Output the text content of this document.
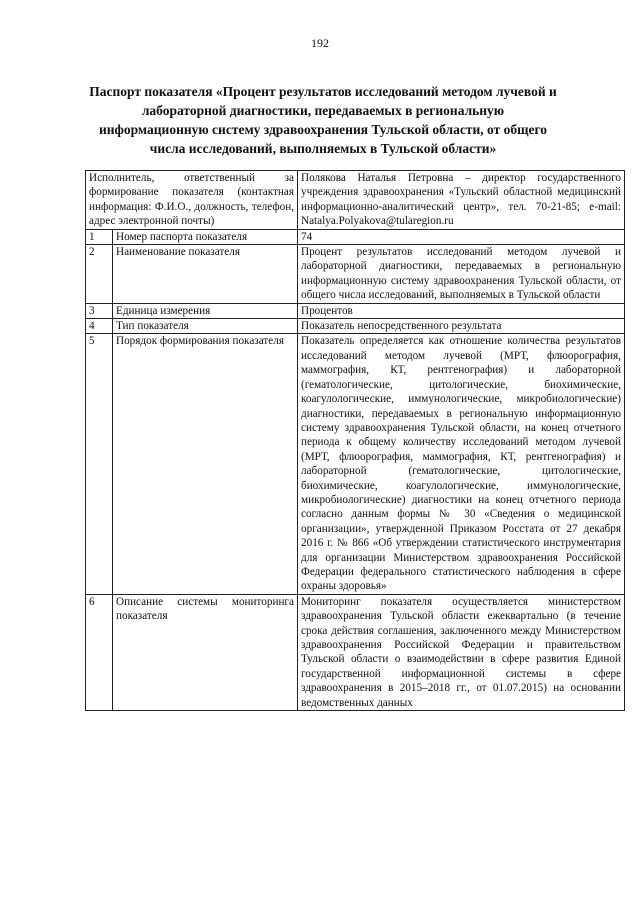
192
Паспорт показателя «Процент результатов исследований методом лучевой и лабораторной диагностики, передаваемых в региональную информационную систему здравоохранения Тульской области, от общего числа исследований, выполняемых в Тульской области»
Исполнитель, ответственный за формирование показателя (контактная информация: Ф.И.О., должность, телефон, адрес электронной почты)		Полякова Наталья Петровна – директор государственного учреждения здравоохранения «Тульский областной медицинский информационно-аналитический центр», тел. 70-21-85; e-mail: Natalya.Polyakova@tularegion.ru
1	Номер паспорта показателя	74
2	Наименование показателя	Процент результатов исследований методом лучевой и лабораторной диагностики, передаваемых в региональную информационную систему здравоохранения Тульской области, от общего числа исследований, выполняемых в Тульской области
3	Единица измерения	Процентов
4	Тип показателя	Показатель непосредственного результата
5	Порядок формирования показателя	Показатель определяется как отношение количества результатов исследований методом лучевой (МРТ, флюорография, маммография, КТ, рентгенография) и лабораторной (гематологические, цитологические, биохимические, коагулологические, иммунологические, микробиологические) диагностики, передаваемых в региональную информационную систему здравоохранения Тульской области, на конец отчетного периода к общему количеству исследований методом лучевой (МРТ, флюорография, маммография, КТ, рентгенография) и лабораторной (гематологические, цитологические, биохимические, коагулологические, иммунологические, микробиологические) диагностики на конец отчетного периода согласно данным формы № 30 «Сведения о медицинской организации», утвержденной Приказом Росстата от 27 декабря 2016 г. № 866 «Об утверждении статистического инструментария для организации Министерством здравоохранения Российской Федерации федерального статистического наблюдения в сфере охраны здоровья»
6	Описание системы мониторинга показателя	Мониторинг показателя осуществляется министерством здравоохранения Тульской области ежеквартально (в течение срока действия соглашения, заключенного между Министерством здравоохранения Российской Федерации и правительством Тульской области о взаимодействии в сфере развития Единой государственной информационной системы в сфере здравоохранения в 2015–2018 гг., от 01.07.2015) на основании ведомственных данных
